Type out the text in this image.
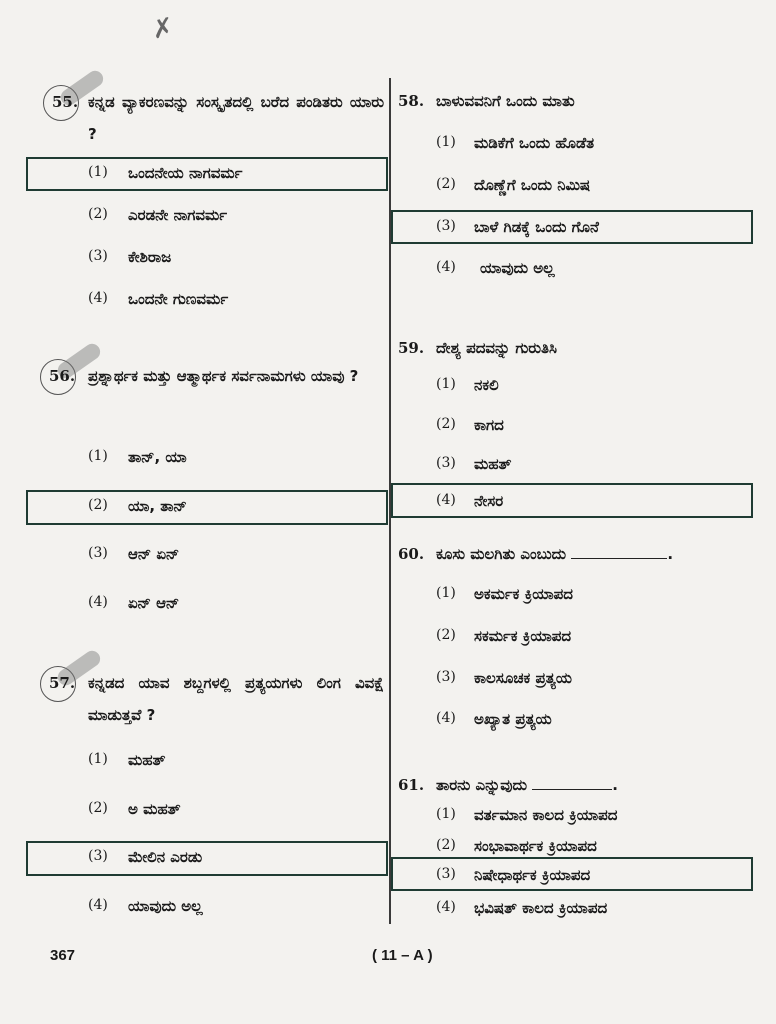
✗
55. ಕನ್ನಡ ವ್ಯಾಕರಣವನ್ನು ಸಂಸ್ಕೃತದಲ್ಲಿ ಬರೆದ ಪಂಡಿತರು ಯಾರು ?
(1) ಒಂದನೇಯ ನಾಗವರ್ಮ
(2) ಎರಡನೇ ನಾಗವರ್ಮ
(3) ಕೇಶಿರಾಜ
(4) ಒಂದನೇ ಗುಣವರ್ಮ
56. ಪ್ರಶ್ನಾರ್ಥಕ ಮತ್ತು ಆತ್ಮಾರ್ಥಕ ಸರ್ವನಾಮಗಳು ಯಾವು ?
(1) ತಾನ್, ಯಾ
(2) ಯಾ, ತಾನ್
(3) ಆನ್ ಏನ್
(4) ಏನ್ ಆನ್
57. ಕನ್ನಡದ ಯಾವ ಶಬ್ದಗಳಲ್ಲಿ ಪ್ರತ್ಯಯಗಳು ಲಿಂಗ ವಿವಕ್ಷೆ ಮಾಡುತ್ತವೆ ?
(1) ಮಹತ್
(2) ಅ ಮಹತ್
(3) ಮೇಲಿನ ಎರಡು
(4) ಯಾವುದು ಅಲ್ಲ
58. ಬಾಳುವವನಿಗೆ ಒಂದು ಮಾತು
(1) ಮಡಿಕೆಗೆ ಒಂದು ಹೊಡೆತ
(2) ದೊಣ್ಣೆಗೆ ಒಂದು ನಿಮಿಷ
(3) ಬಾಳೆ ಗಿಡಕ್ಕೆ ಒಂದು ಗೊನೆ
(4) ಯಾವುದು ಅಲ್ಲ
59. ದೇಶ್ಯ ಪದವನ್ನು ಗುರುತಿಸಿ
(1) ನಕಲಿ
(2) ಕಾಗದ
(3) ಮಹತ್
(4) ನೇಸರ
60. ಕೂಸು ಮಲಗಿತು ಎಂಬುದು	.
(1) ಅಕರ್ಮಕ ಕ್ರಿಯಾಪದ
(2) ಸಕರ್ಮಕ ಕ್ರಿಯಾಪದ
(3) ಕಾಲಸೂಚಕ ಪ್ರತ್ಯಯ
(4) ಅಖ್ಯಾತ ಪ್ರತ್ಯಯ
61. ತಾರನು ಎನ್ನುವುದು	.
(1) ವರ್ತಮಾನ ಕಾಲದ ಕ್ರಿಯಾಪದ
(2) ಸಂಭಾವಾರ್ಥಕ ಕ್ರಿಯಾಪದ
(3) ನಿಷೇಧಾರ್ಥಕ ಕ್ರಿಯಾಪದ
(4) ಭವಿಷತ್ ಕಾಲದ ಕ್ರಿಯಾಪದ
367	( 11 – A )
